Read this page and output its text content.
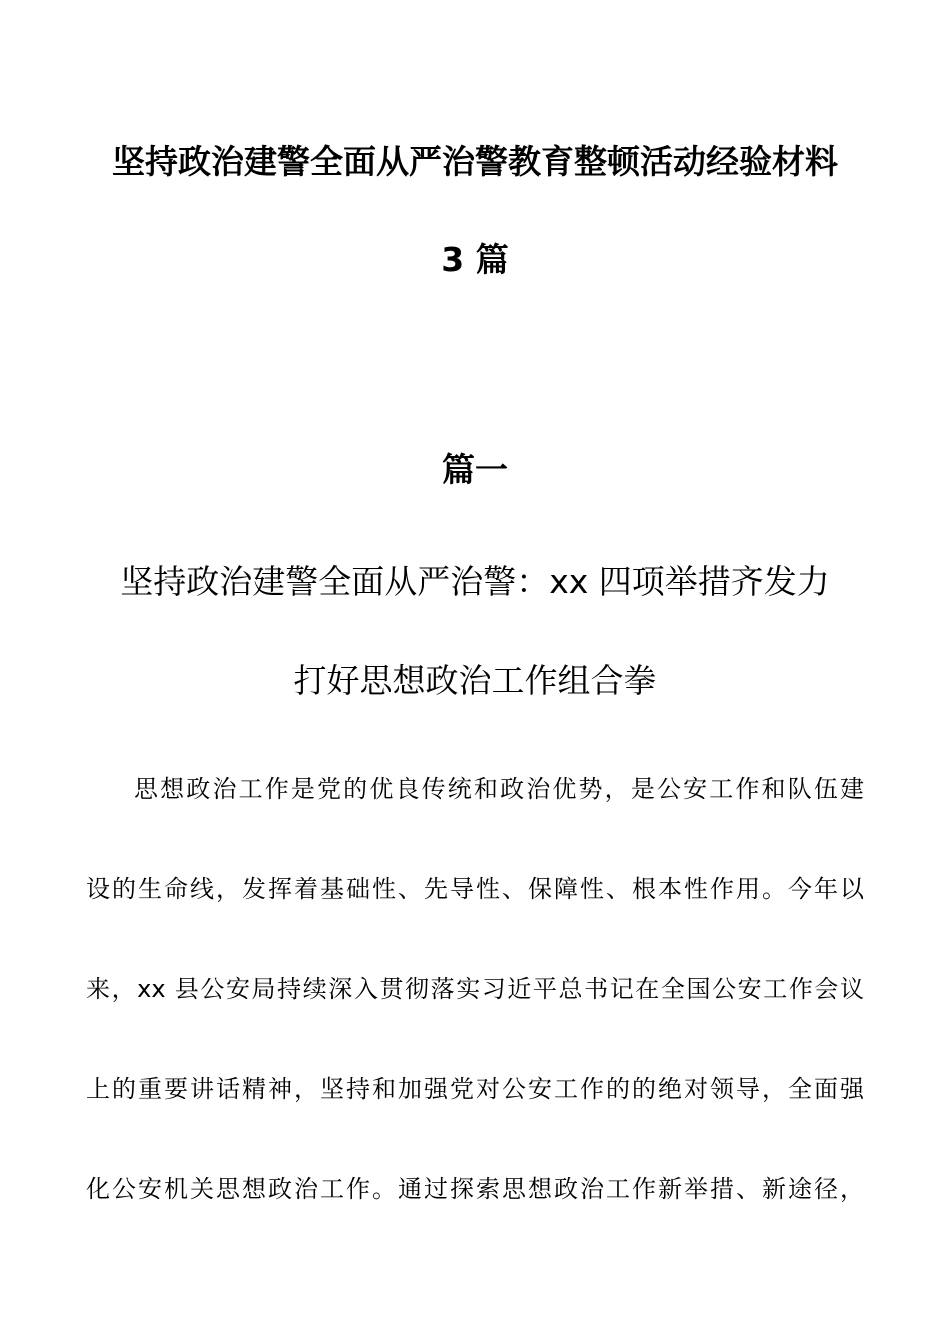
坚持政治建警全面从严治警教育整顿活动经验材料
3 篇
篇一
坚持政治建警全面从严治警：xx 四项举措齐发力
打好思想政治工作组合拳
思想政治工作是党的优良传统和政治优势，是公安工作和队伍建
设的生命线，发挥着基础性、先导性、保障性、根本性作用。今年以
来，xx 县公安局持续深入贯彻落实习近平总书记在全国公安工作会议
上的重要讲话精神，坚持和加强党对公安工作的的绝对领导，全面强
化公安机关思想政治工作。通过探索思想政治工作新举措、新途径，
